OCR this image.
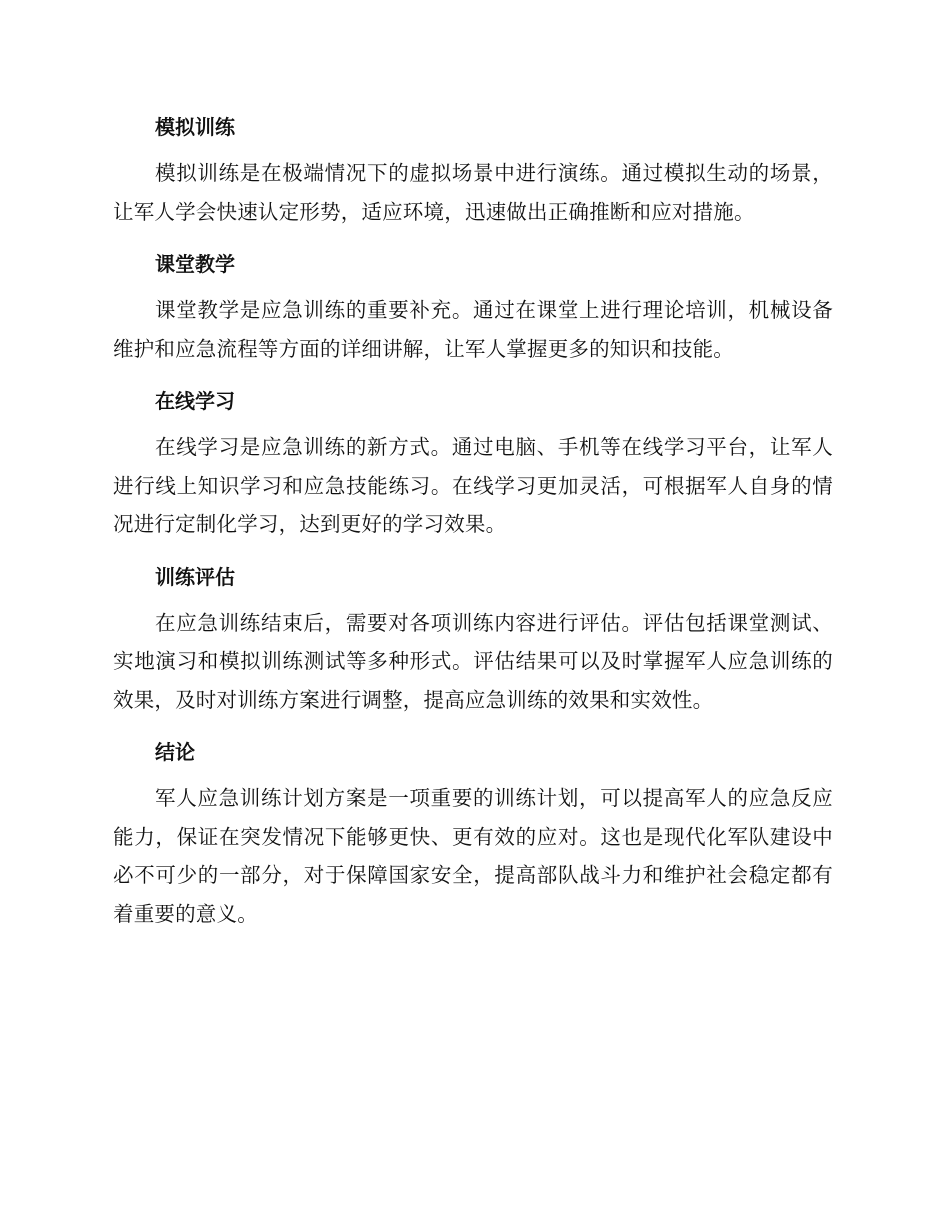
模拟训练

模拟训练是在极端情况下的虚拟场景中进行演练。通过模拟生动的场景，让军人学会快速认定形势，适应环境，迅速做出正确推断和应对措施。

课堂教学

课堂教学是应急训练的重要补充。通过在课堂上进行理论培训，机械设备维护和应急流程等方面的详细讲解，让军人掌握更多的知识和技能。

在线学习

在线学习是应急训练的新方式。通过电脑、手机等在线学习平台，让军人进行线上知识学习和应急技能练习。在线学习更加灵活，可根据军人自身的情况进行定制化学习，达到更好的学习效果。

训练评估

在应急训练结束后，需要对各项训练内容进行评估。评估包括课堂测试、实地演习和模拟训练测试等多种形式。评估结果可以及时掌握军人应急训练的效果，及时对训练方案进行调整，提高应急训练的效果和实效性。

结论

军人应急训练计划方案是一项重要的训练计划，可以提高军人的应急反应能力，保证在突发情况下能够更快、更有效的应对。这也是现代化军队建设中必不可少的一部分，对于保障国家安全，提高部队战斗力和维护社会稳定都有着重要的意义。
